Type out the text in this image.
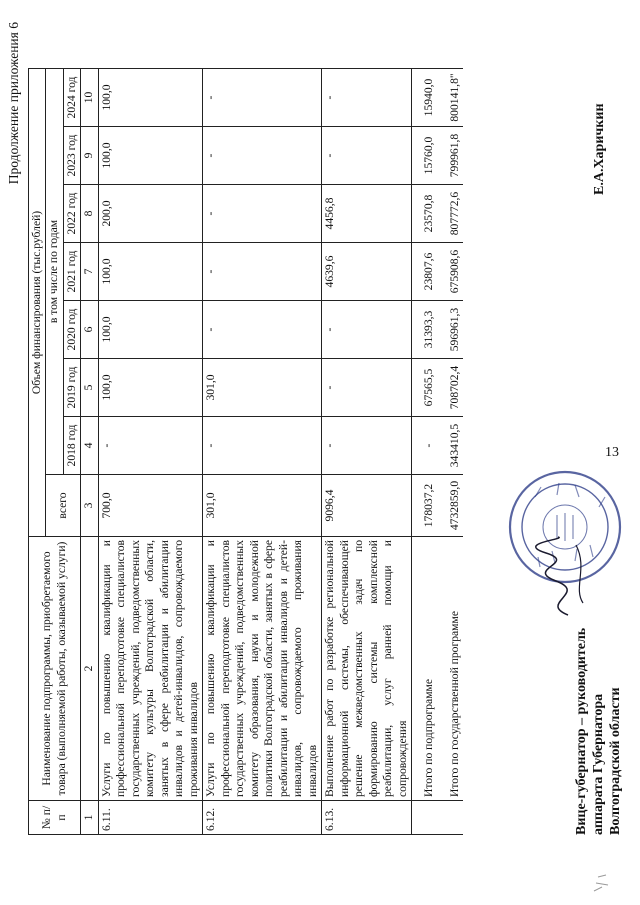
13
Продолжение приложения 6
№ п/п	Наименование подпрограммы, приобретаемого товара (выполняемой работы, оказываемой услуги)	Объем финансирования (тыс.рублей)							
		всего	в том числе по годам						
			2018 год	2019 год	2020 год	2021 год	2022 год	2023 год	2024 год
1	2	3	4	5	6	7	8	9	10
6.11.	Услуги по повышению квалификации и профессиональной переподготовке специалистов государственных учреждений, подведомственных комитету культуры Волгоградской области, занятых в сфере реабилитации и абилитации инвалидов и детей-инвалидов, сопровождаемого проживания инвалидов	700,0	-	100,0	100,0	100,0	200,0	100,0	100,0
6.12.	Услуги по повышению квалификации и профессиональной переподготовке специалистов государственных учреждений, подведомственных комитету образования, науки и молодежной политики Волгоградской области, занятых в сфере реабилитации и абилитации инвалидов и детей-инвалидов, сопровождаемого проживания инвалидов	301,0	-	301,0	-	-	-	-	-
6.13.	Выполнение работ по разработке региональной информационной системы, обеспечивающей решение межведомственных задач по формированию системы комплексной реабилитации, услуг ранней помощи и сопровождения	9096,4	-	-	-	4639,6	4456,8	-	-
	Итого по подпрограмме	178037,2	-	67565,5	31393,3	23807,6	23570,8	15760,0	15940,0
	Итого по государственной программе	4732859,0	343410,5	708702,4	596961,3	675908,6	807772,6	799961,8	800141,8"
Вице-губернатор – руководитель аппарата Губернатора Волгоградской области
Е.А.Харичкин
